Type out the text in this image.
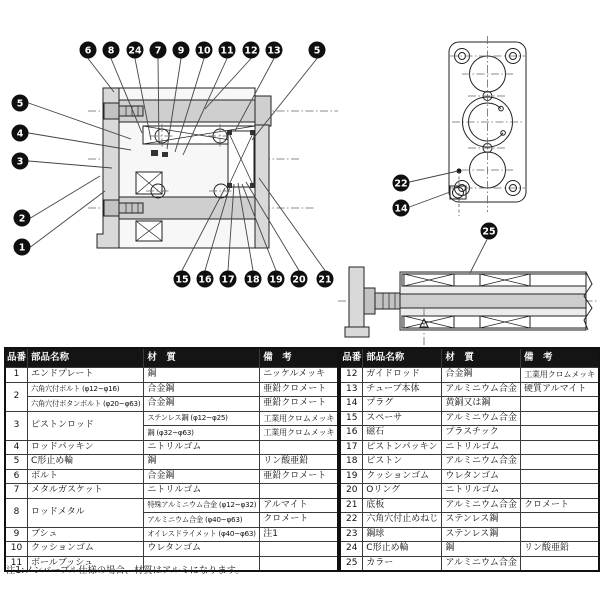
6 8 24 7 9 10 11 12 13	5
5
4
3
2
1
15 16 17 18 19 20 21
22
14
25
品番	部品名称	材　質	備　考
1	エンドプレート	鋼	ニッケルメッキ
2	六角穴付ボルト (φ12~φ16)	合金鋼	亜鉛クロメート
	六角穴付ボタンボルト (φ20~φ63)	合金鋼	亜鉛クロメート
3	ピストンロッド	ステンレス鋼 (φ12~φ25)	工業用クロムメッキ
		鋼 (φ32~φ63)	工業用クロムメッキ
4	ロッドパッキン	ニトリルゴム	
5	C形止め輪	鋼	リン酸亜鉛
6	ボルト	合金鋼	亜鉛クロメート
7	メタルガスケット	ニトリルゴム	
8	ロッドメタル	特殊アルミニウム合金 (φ12~φ32)	アルマイト
		アルミニウム合金 (φ40~φ63)	クロメート
9	ブシュ	オイレスドライメット (φ40~φ63)	注1
10	クッションゴム	ウレタンゴム	
11	ボールブッシュ		
品番	部品名称	材　質	備　考
12	ガイドロッド	合金鋼	工業用クロムメッキ
13	チューブ本体	アルミニウム合金	硬質アルマイト
14	プラグ	黄銅又は鋼	
15	スペーサ	アルミニウム合金	
16	磁石	プラスチック	
17	ピストンパッキン	ニトリルゴム	
18	ピストン	アルミニウム合金	
19	クッションゴム	ウレタンゴム	
20	Oリング	ニトリルゴム	
21	底板	アルミニウム合金	クロメート
22	六角穴付止めねじ	ステンレス鋼	
23	鋼球	ステンレス鋼	
24	C形止め輪	鋼	リン酸亜鉛
25	カラー	アルミニウム合金	
注1:ノンバーブル仕様の場合、材質はアルミになります。
